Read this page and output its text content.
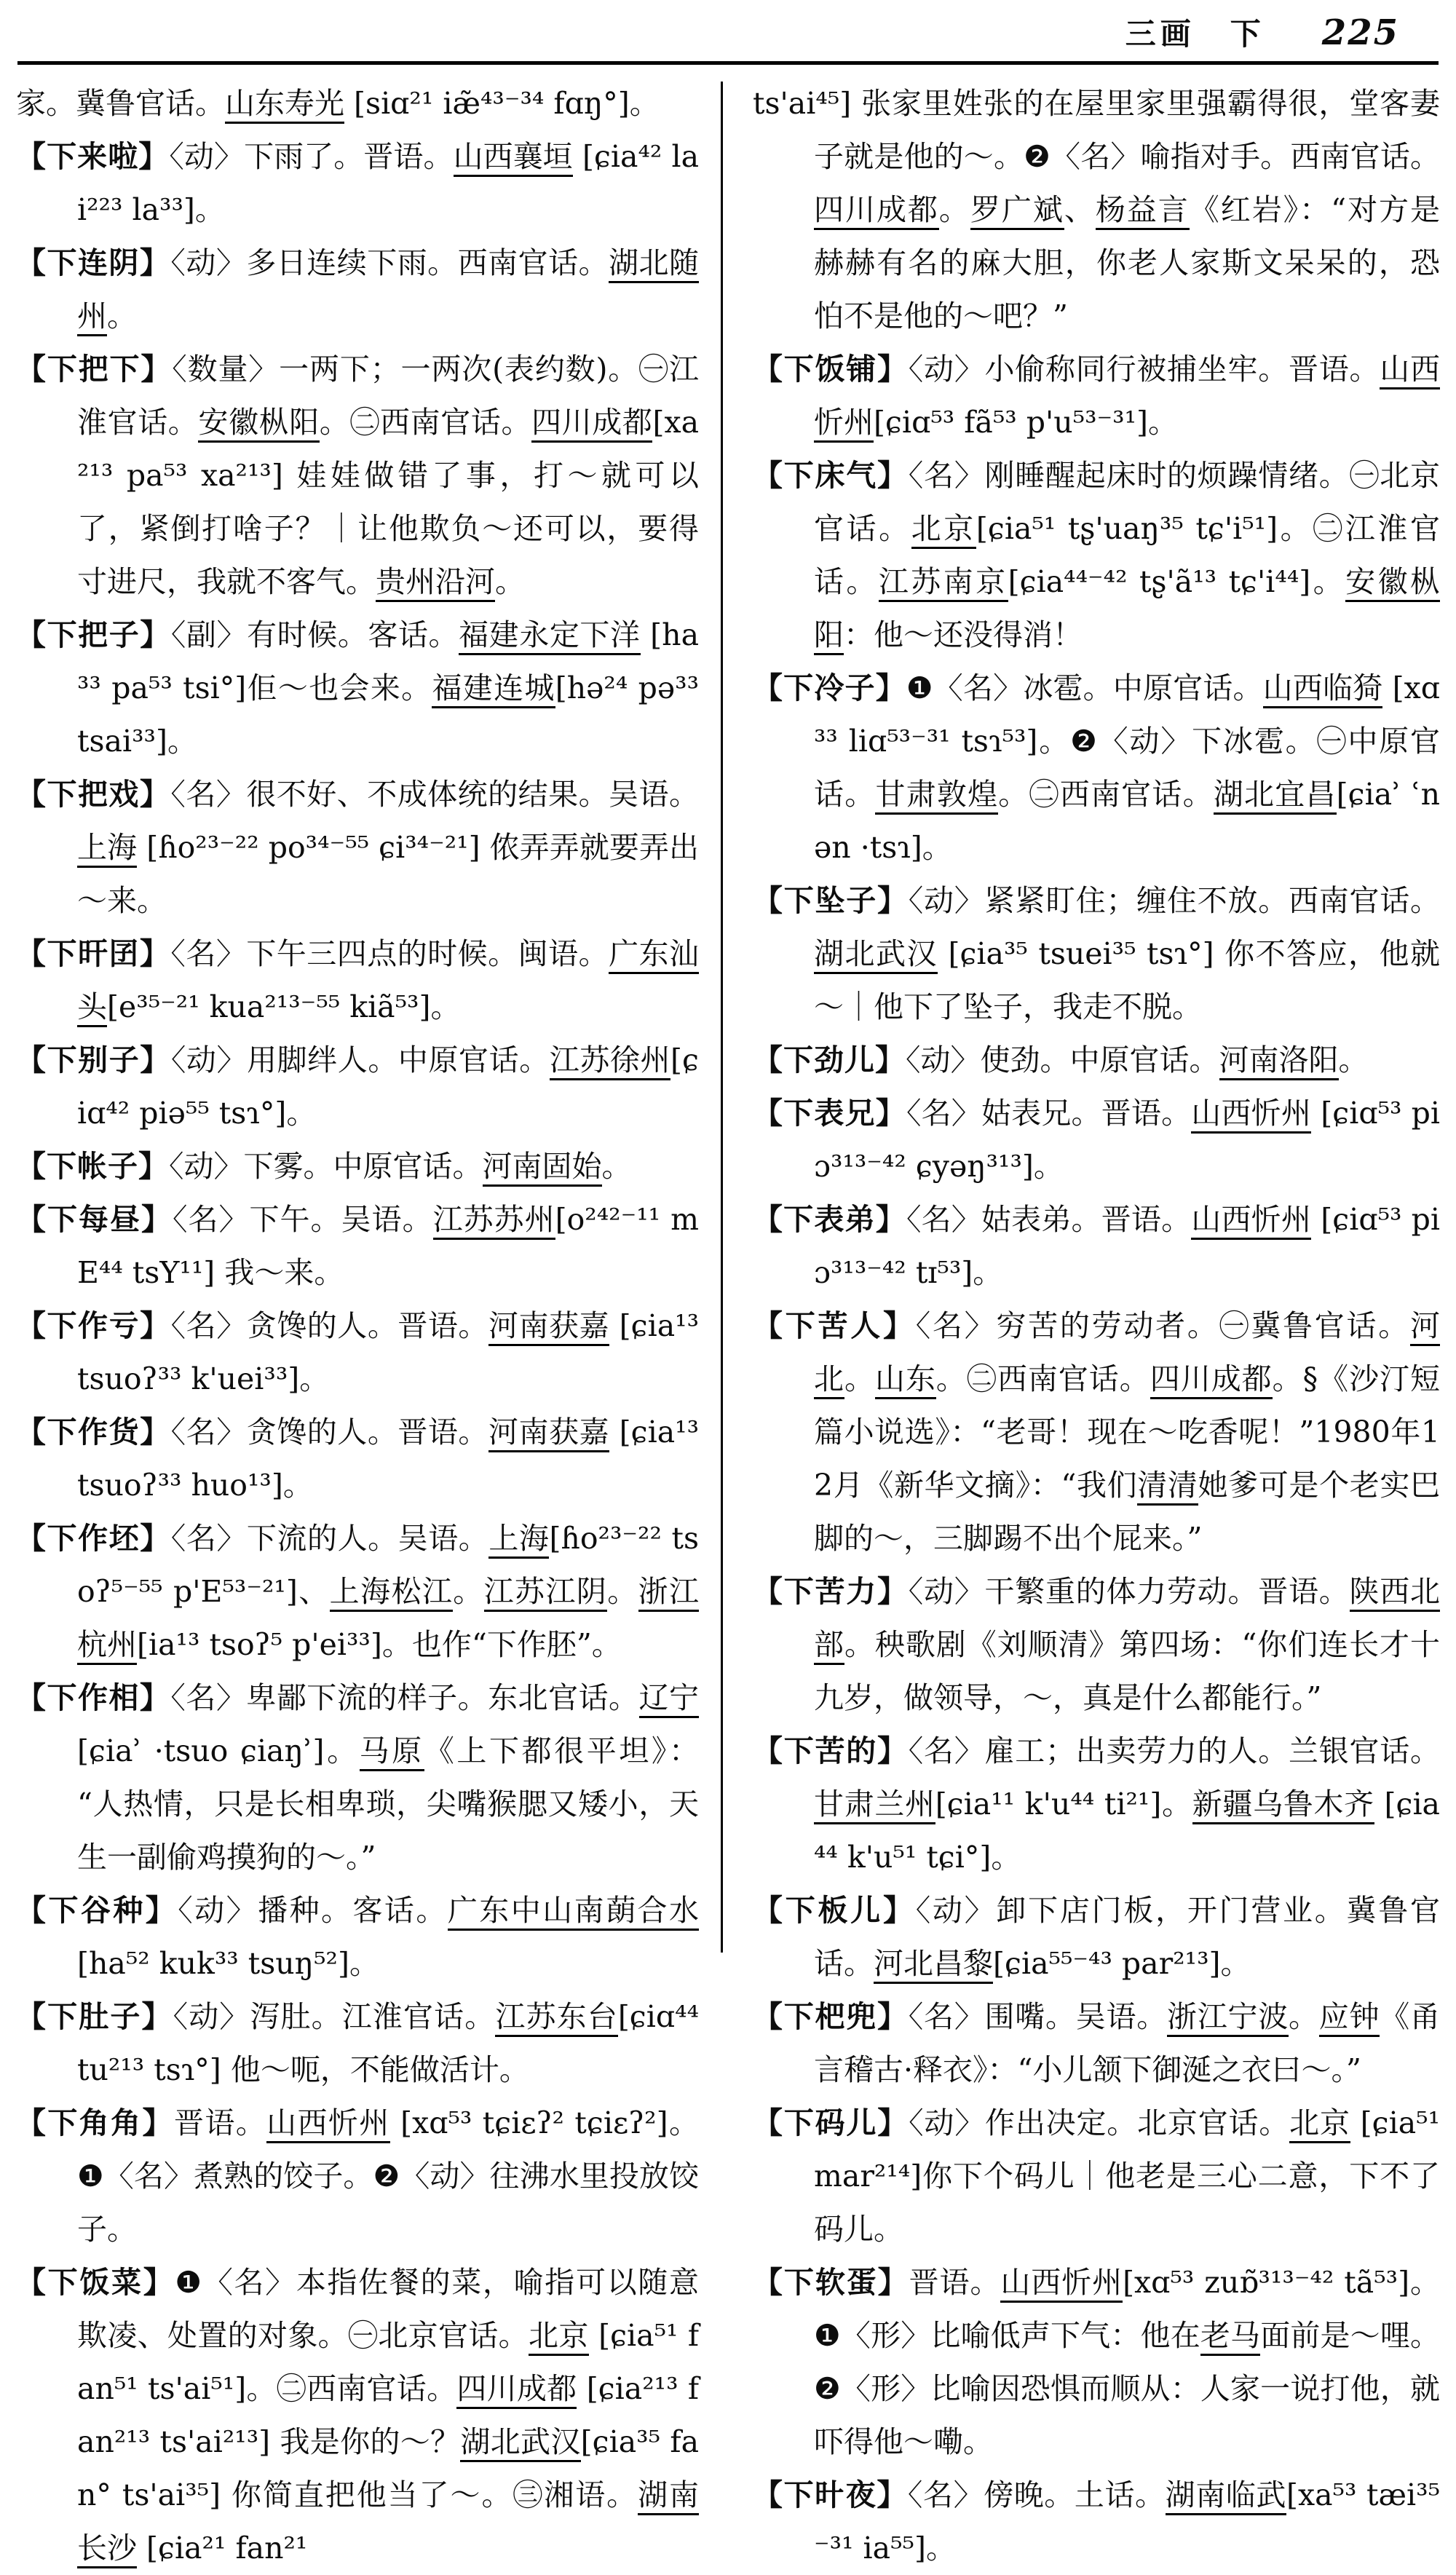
三画　下 225
家。冀鲁官话。山东寿光 [siɑ²¹ iæ̃⁴³⁻³⁴ fɑŋ°]。
【下来啦】〈动〉下雨了。晋语。山西襄垣 [ɕia⁴² lai²²³ la³³]。
【下连阴】〈动〉多日连续下雨。西南官话。湖北随州。
【下把下】〈数量〉一两下；一两次(表约数)。㊀江淮官话。安徽枞阳。㊁西南官话。四川成都[xa²¹³ pa⁵³ xa²¹³] 娃娃做错了事，打～就可以了，紧倒打啥子？｜让他欺负～还可以，要得寸进尺，我就不客气。贵州沿河。
【下把子】〈副〉有时候。客话。福建永定下洋 [ha³³ pa⁵³ tsi°]佢～也会来。福建连城[hə²⁴ pə³³ tsai³³]。
【下把戏】〈名〉很不好、不成体统的结果。吴语。上海 [ɦo²³⁻²² po³⁴⁻⁵⁵ ɕi³⁴⁻²¹] 侬弄弄就要弄出～来。
【下旰囝】〈名〉下午三四点的时候。闽语。广东汕头[e³⁵⁻²¹ kua²¹³⁻⁵⁵ kiã⁵³]。
【下别子】〈动〉用脚绊人。中原官话。江苏徐州[ɕiɑ⁴² piə⁵⁵ tsɿ°]。
【下帐子】〈动〉下雾。中原官话。河南固始。
【下每昼】〈名〉下午。吴语。江苏苏州[o²⁴²⁻¹¹ mE⁴⁴ tsY¹¹] 我～来。
【下作亏】〈名〉贪馋的人。晋语。河南获嘉 [ɕia¹³ tsuoʔ³³ k'uei³³]。
【下作货】〈名〉贪馋的人。晋语。河南获嘉 [ɕia¹³ tsuoʔ³³ huo¹³]。
【下作坯】〈名〉下流的人。吴语。上海[ɦo²³⁻²² tsoʔ⁵⁻⁵⁵ p'E⁵³⁻²¹]、上海松江。江苏江阴。浙江杭州[ia¹³ tsoʔ⁵ p'ei³³]。也作“下作胚”。
【下作相】〈名〉卑鄙下流的样子。东北官话。辽宁 [ɕiaʾ ·tsuo ɕiaŋʾ]。马原《上下都很平坦》：“人热情，只是长相卑琐，尖嘴猴腮又矮小，天生一副偷鸡摸狗的～。”
【下谷种】〈动〉播种。客话。广东中山南蓢合水 [ha⁵² kuk³³ tsuŋ⁵²]。
【下肚子】〈动〉泻肚。江淮官话。江苏东台[ɕiɑ⁴⁴ tu²¹³ tsɿ°] 他～呃，不能做活计。
【下角角】晋语。山西忻州 [xɑ⁵³ tɕiɛʔ² tɕiɛʔ²]。❶〈名〉煮熟的饺子。❷〈动〉往沸水里投放饺子。
【下饭菜】❶〈名〉本指佐餐的菜，喻指可以随意欺凌、处置的对象。㊀北京官话。北京 [ɕia⁵¹ fan⁵¹ ts'ai⁵¹]。㊁西南官话。四川成都 [ɕia²¹³ fan²¹³ ts'ai²¹³] 我是你的～？湖北武汉[ɕia³⁵ fan° ts'ai³⁵] 你简直把他当了～。㊂湘语。湖南长沙 [ɕia²¹ fan²¹
ts'ai⁴⁵] 张家里姓张的在屋里家里强霸得很，堂客妻子就是他的～。❷〈名〉喻指对手。西南官话。四川成都。罗广斌、杨益言《红岩》：“对方是赫赫有名的麻大胆，你老人家斯文呆呆的，恐怕不是他的～吧？”
【下饭铺】〈动〉小偷称同行被捕坐牢。晋语。山西忻州[ɕiɑ⁵³ fã⁵³ p'u⁵³⁻³¹]。
【下床气】〈名〉刚睡醒起床时的烦躁情绪。㊀北京官话。北京[ɕia⁵¹ tʂ'uaŋ³⁵ tɕ'i⁵¹]。㊁江淮官话。江苏南京[ɕia⁴⁴⁻⁴² tʂ'ã¹³ tɕ'i⁴⁴]。安徽枞阳：他～还没得消！
【下冷子】❶〈名〉冰雹。中原官话。山西临猗 [xɑ³³ liɑ⁵³⁻³¹ tsɿ⁵³]。❷〈动〉下冰雹。㊀中原官话。甘肃敦煌。㊁西南官话。湖北宜昌[ɕiaʾ ʿnən ·tsɿ]。
【下坠子】〈动〉紧紧盯住；缠住不放。西南官话。湖北武汉 [ɕia³⁵ tsuei³⁵ tsɿ°] 你不答应，他就～｜他下了坠子，我走不脱。
【下劲儿】〈动〉使劲。中原官话。河南洛阳。
【下表兄】〈名〉姑表兄。晋语。山西忻州 [ɕiɑ⁵³ piɔ³¹³⁻⁴² ɕyəŋ³¹³]。
【下表弟】〈名〉姑表弟。晋语。山西忻州 [ɕiɑ⁵³ piɔ³¹³⁻⁴² tɪ⁵³]。
【下苦人】〈名〉穷苦的劳动者。㊀冀鲁官话。河北。山东。㊁西南官话。四川成都。§《沙汀短篇小说选》：“老哥！现在～吃香呢！”1980年12月《新华文摘》：“我们清清她爹可是个老实巴脚的～，三脚踢不出个屁来。”
【下苦力】〈动〉干繁重的体力劳动。晋语。陕西北部。秧歌剧《刘顺清》第四场：“你们连长才十九岁，做领导，～，真是什么都能行。”
【下苦的】〈名〉雇工；出卖劳力的人。兰银官话。甘肃兰州[ɕia¹¹ k'u⁴⁴ ti²¹]。新疆乌鲁木齐 [ɕia⁴⁴ k'u⁵¹ tɕi°]。
【下板儿】〈动〉卸下店门板，开门营业。冀鲁官话。河北昌黎[ɕia⁵⁵⁻⁴³ par²¹³]。
【下杷兜】〈名〉围嘴。吴语。浙江宁波。应钟《甬言稽古·释衣》：“小儿颔下御涎之衣曰～。”
【下码儿】〈动〉作出决定。北京官话。北京 [ɕia⁵¹ mar²¹⁴]你下个码儿｜他老是三心二意，下不了码儿。
【下软蛋】晋语。山西忻州[xɑ⁵³ zuɒ̃³¹³⁻⁴² tã⁵³]。❶〈形〉比喻低声下气：他在老马面前是～哩。❷〈形〉比喻因恐惧而顺从：人家一说打他，就吓得他～嘞。
【下旪夜】〈名〉傍晚。土话。湖南临武[xa⁵³ tæi³⁵⁻³¹ ia⁵⁵]。
